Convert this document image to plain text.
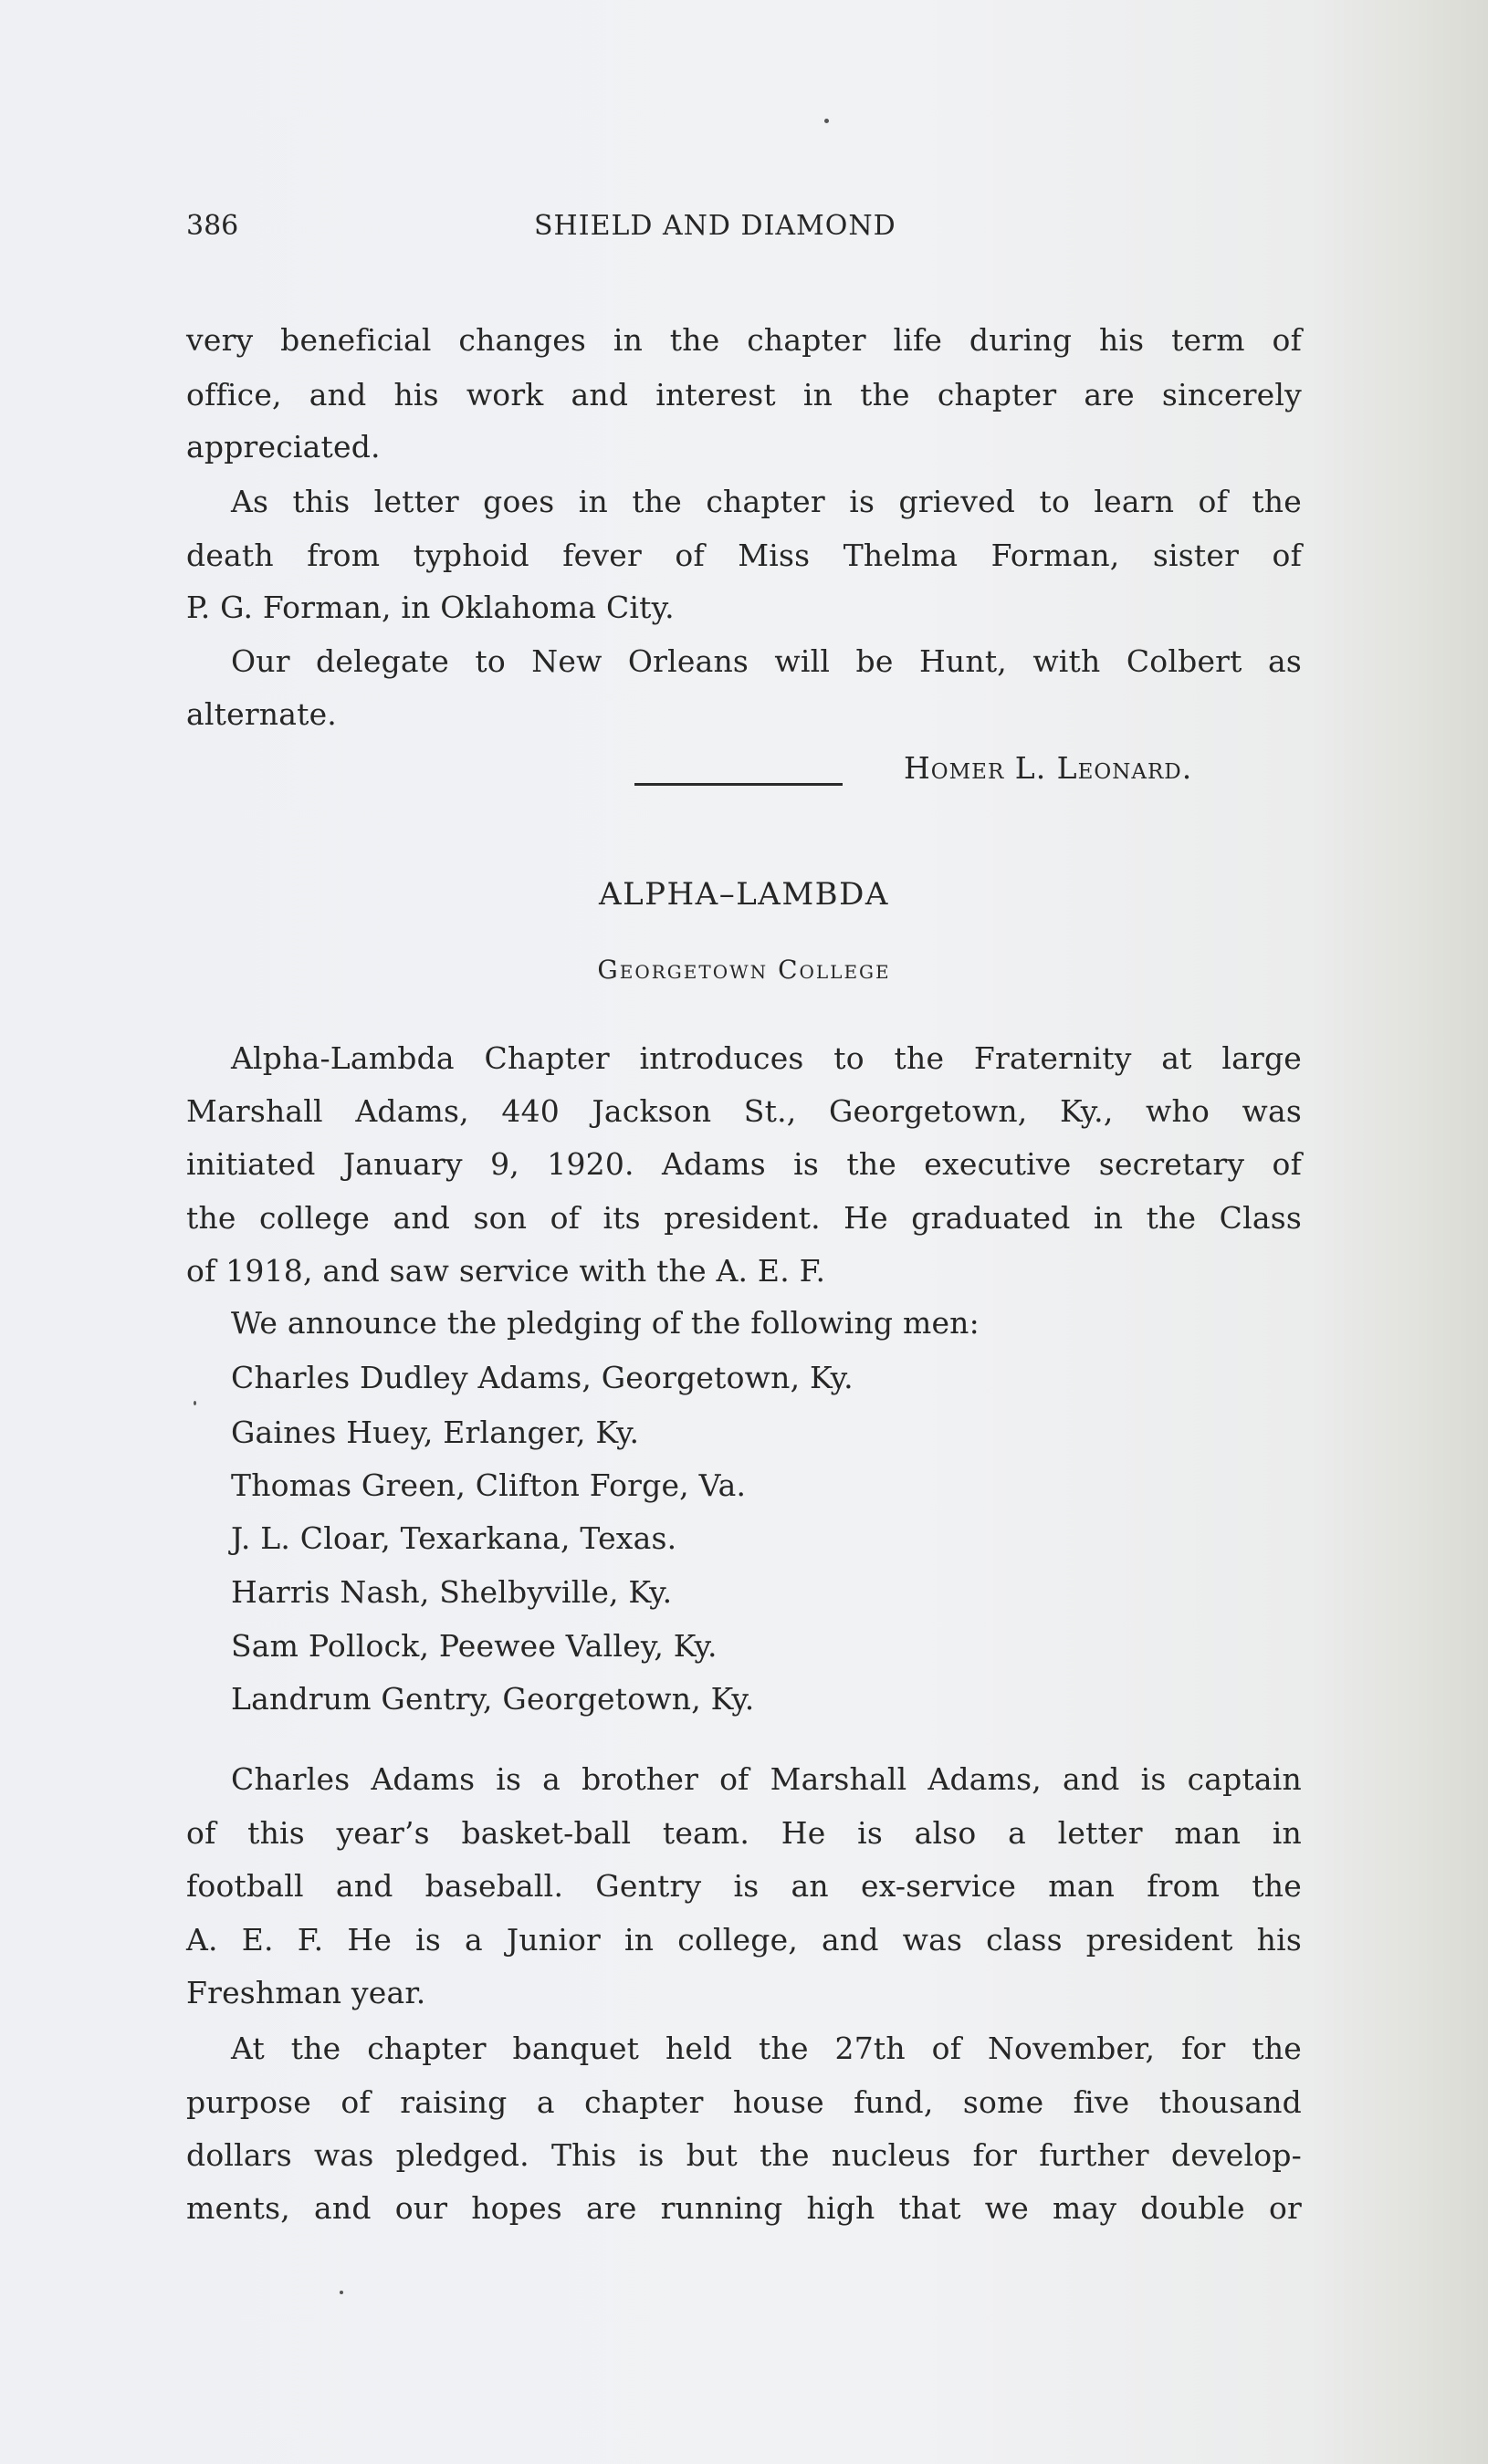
386	SHIELD AND DIAMOND
very beneficial changes in the chapter life during his term of
office, and his work and interest in the chapter are sincerely
appreciated.
As this letter goes in the chapter is grieved to learn of the
death from typhoid fever of Miss Thelma Forman, sister of
P. G. Forman, in Oklahoma City.
Our delegate to New Orleans will be Hunt, with Colbert as
alternate.
Homer L. Leonard.
ALPHA–LAMBDA
Georgetown College
Alpha-Lambda Chapter introduces to the Fraternity at large
Marshall Adams, 440 Jackson St., Georgetown, Ky., who was
initiated January 9, 1920. Adams is the executive secretary of
the college and son of its president. He graduated in the Class
of 1918, and saw service with the A. E. F.
We announce the pledging of the following men:
Charles Dudley Adams, Georgetown, Ky.
Gaines Huey, Erlanger, Ky.
Thomas Green, Clifton Forge, Va.
J. L. Cloar, Texarkana, Texas.
Harris Nash, Shelbyville, Ky.
Sam Pollock, Peewee Valley, Ky.
Landrum Gentry, Georgetown, Ky.
Charles Adams is a brother of Marshall Adams, and is captain
of this year’s basket-ball team. He is also a letter man in
football and baseball. Gentry is an ex-service man from the
A. E. F. He is a Junior in college, and was class president his
Freshman year.
At the chapter banquet held the 27th of November, for the
purpose of raising a chapter house fund, some five thousand
dollars was pledged. This is but the nucleus for further develop-
ments, and our hopes are running high that we may double or
